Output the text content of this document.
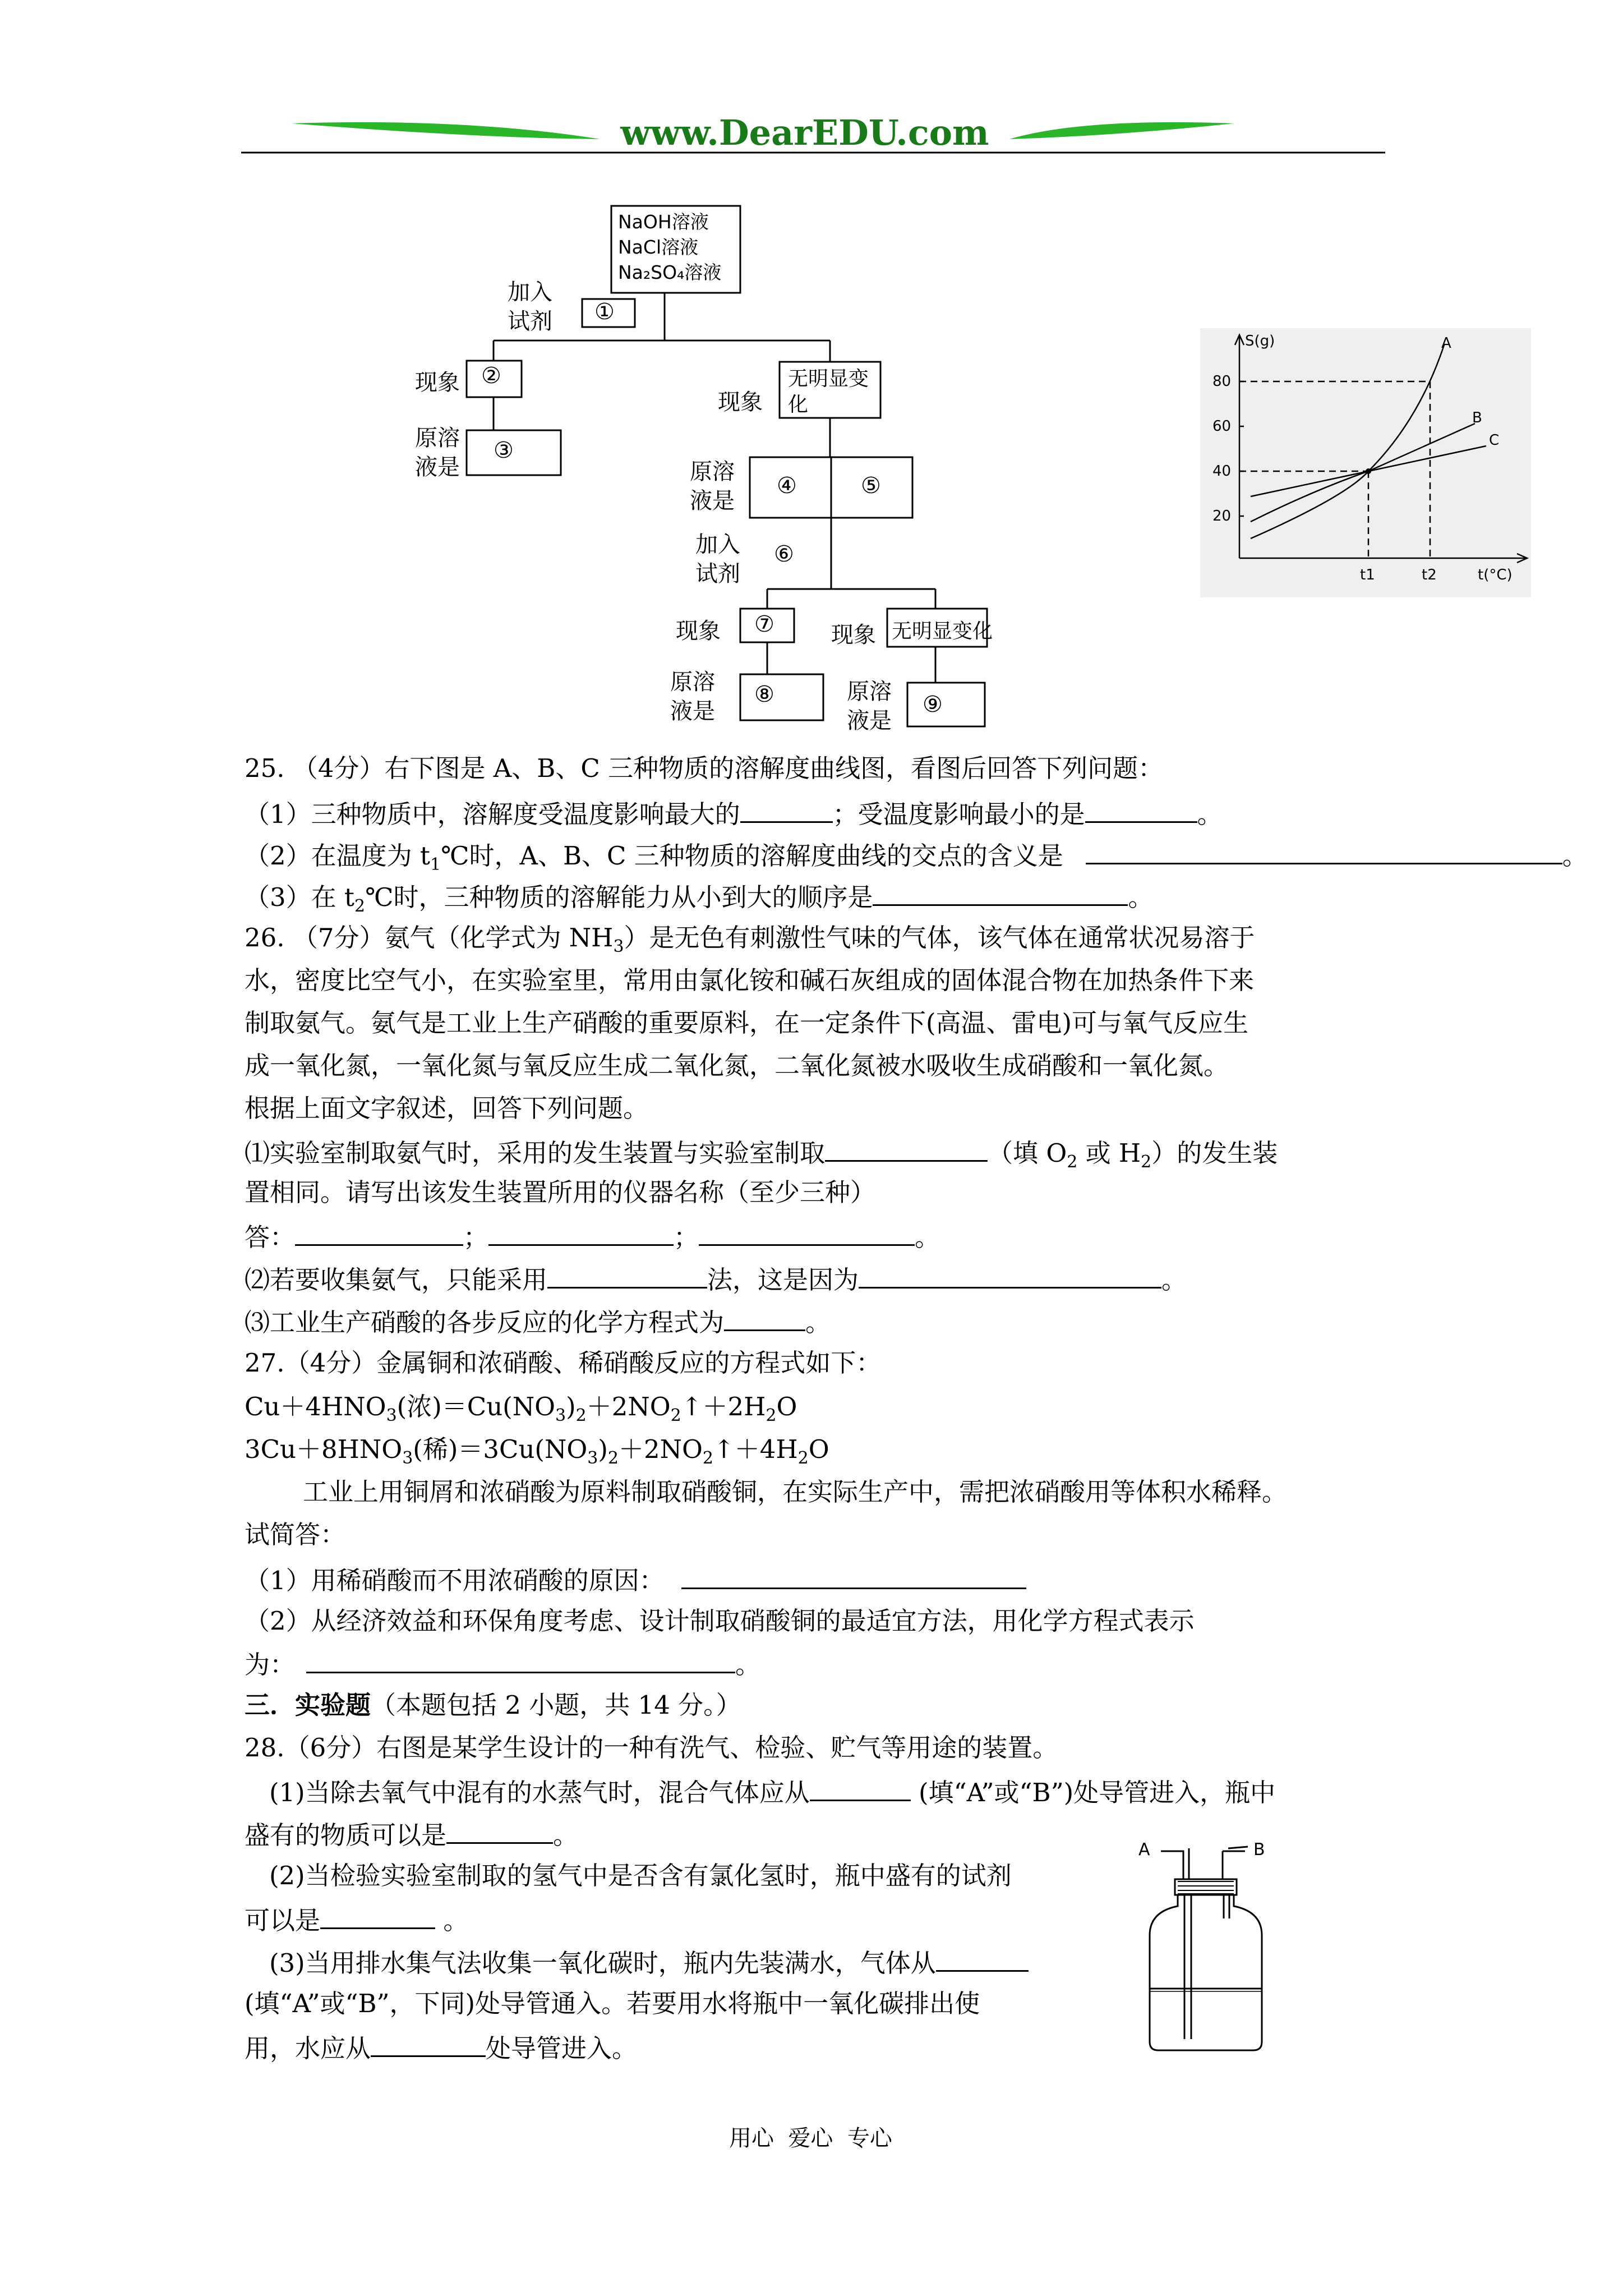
www.DearEDU.com
NaOH溶液
NaCl溶液
Na₂SO₄溶液
加入试剂	①
现象 ②
原溶液是
③
现象
无明显变化
原溶液是
④	⑤
加入试剂
⑥
现象 ⑦
原溶液是
⑧
现象 无明显变化
原溶液是
⑨
S(g)
t(°C)
80
60
40
20
t1	t2
A
B
C
25. （4分）右下图是 A、B、C 三种物质的溶解度曲线图，看图后回答下列问题：
（1）三种物质中，溶解度受温度影响最大的	；受温度影响最小的是	。
（2）在温度为 $t_1℃$时，A、B、C 三种物质的溶解度曲线的交点的含义是	。
（3）在 $t_2℃$时，三种物质的溶解能力从小到大的顺序是	。
26. （7分）氨气（化学式为 $NH_3$）是无色有刺激性气味的气体，该气体在通常状况易溶于
水，密度比空气小，在实验室里，常用由氯化铵和碱石灰组成的固体混合物在加热条件下来
制取氨气。氨气是工业上生产硝酸的重要原料，在一定条件下(高温、雷电)可与氧气反应生
成一氧化氮，一氧化氮与氧反应生成二氧化氮，二氧化氮被水吸收生成硝酸和一氧化氮。
根据上面文字叙述，回答下列问题。
⑴实验室制取氨气时，采用的发生装置与实验室制取	（填 $O_2$ 或 $H_2$）的发生装
置相同。请写出该发生装置所用的仪器名称（至少三种）
答：	；	；	。
⑵若要收集氨气，只能采用	法，这是因为	。
⑶工业生产硝酸的各步反应的化学方程式为	。
27.（4分）金属铜和浓硝酸、稀硝酸反应的方程式如下：
$Cu+4HNO_3$(浓)$=Cu(NO_3)_2+2NO_2↑+2H_2O$
$3Cu+8HNO_3$(稀)$=3Cu(NO_3)_2+2NO_2↑+4H_2O$
工业上用铜屑和浓硝酸为原料制取硝酸铜，在实际生产中，需把浓硝酸用等体积水稀释。
试简答：
（1）用稀硝酸而不用浓硝酸的原因：
（2）从经济效益和环保角度考虑、设计制取硝酸铜的最适宜方法，用化学方程式表示
为：	。
三．实验题（本题包括 2 小题，共 14 分。）
28.（6分）右图是某学生设计的一种有洗气、检验、贮气等用途的装置。
(1)当除去氧气中混有的水蒸气时，混合气体应从	(填“A”或“B”)处导管进入，瓶中
盛有的物质可以是	。
(2)当检验实验室制取的氢气中是否含有氯化氢时，瓶中盛有的试剂
可以是	。
(3)当用排水集气法收集一氧化碳时，瓶内先装满水，气体从
(填“A”或“B”，下同)处导管通入。若要用水将瓶中一氧化碳排出使
用，水应从	处导管进入。
A	B
用心  爱心  专心
